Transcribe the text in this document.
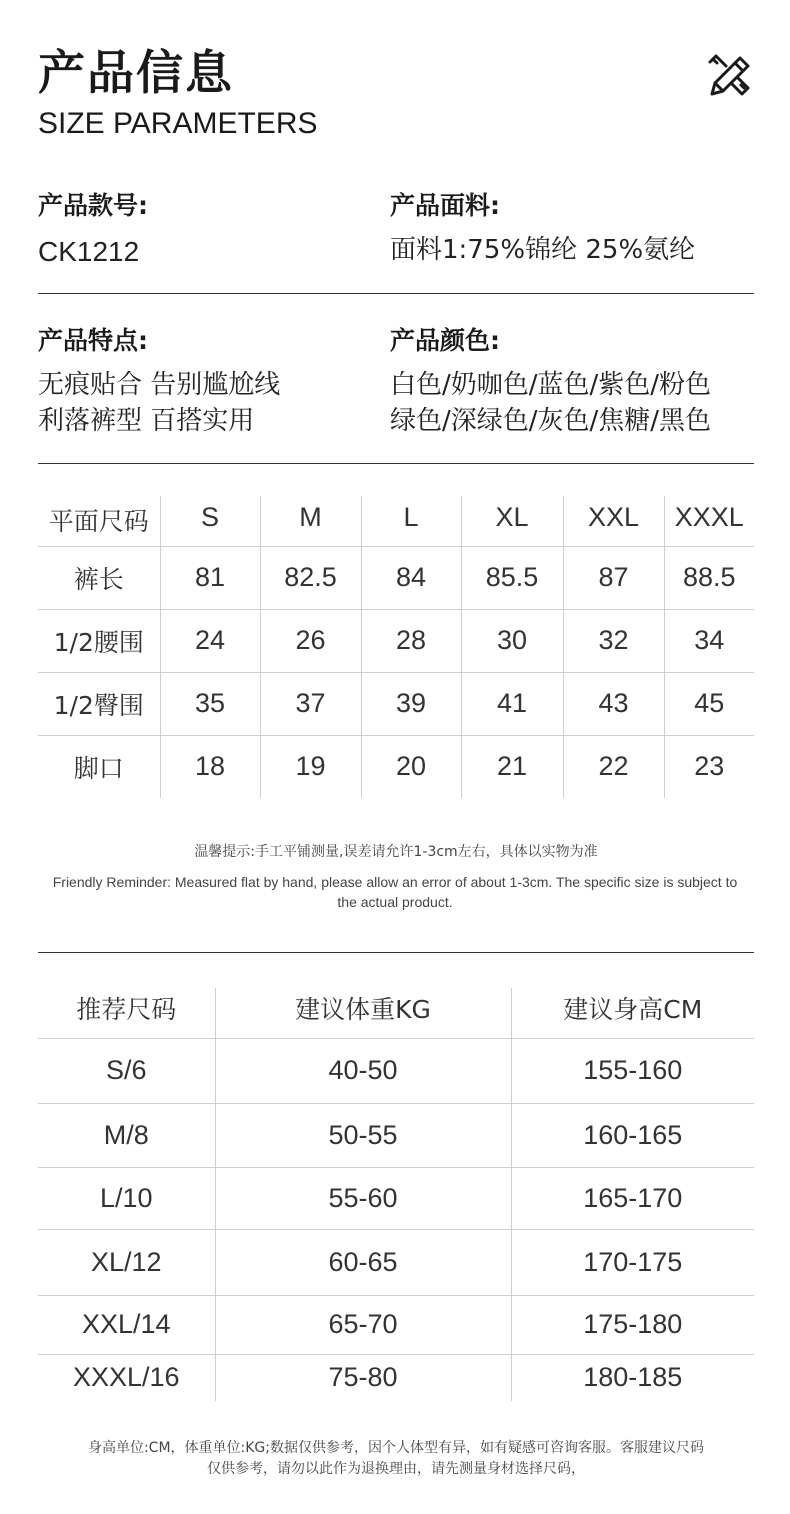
产品信息
SIZE PARAMETERS
产品款号:
CK1212
产品面料:
面料1:75%锦纶 25%氨纶
产品特点:
无痕贴合 告别尴尬线
利落裤型 百搭实用
产品颜色:
白色/奶咖色/蓝色/紫色/粉色
绿色/深绿色/灰色/焦糖/黑色
平面尺码	S	M	L	XL	XXL	XXXL
裤长	81	82.5	84	85.5	87	88.5
1/2腰围	24	26	28	30	32	34
1/2臀围	35	37	39	41	43	45
脚口	18	19	20	21	22	23
温馨提示:手工平铺测量,误差请允许1-3cm左右，具体以实物为准
Friendly Reminder: Measured flat by hand, please allow an error of about 1-3cm. The specific size is subject to the actual product.
推荐尺码	建议体重KG	建议身高CM
S/6	40-50	155-160
M/8	50-55	160-165
L/10	55-60	165-170
XL/12	60-65	170-175
XXL/14	65-70	175-180
XXXL/16	75-80	180-185
身高单位:CM，体重单位:KG;数据仅供参考，因个人体型有异，如有疑感可咨询客服。客服建议尺码
仅供参考，请勿以此作为退换理由，请先测量身材选择尺码，
